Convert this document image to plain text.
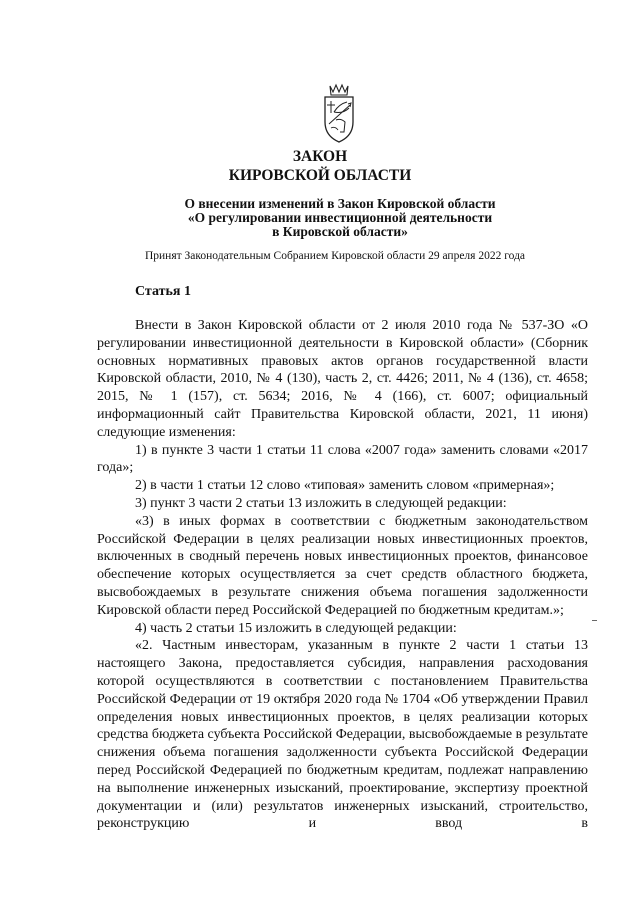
ЗАКОН
КИРОВСКОЙ ОБЛАСТИ
О внесении изменений в Закон Кировской области
«О регулировании инвестиционной деятельности
в Кировской области»
Принят Законодательным Собранием Кировской области 29 апреля 2022 года
Статья 1

Внести в Закон Кировской области от 2 июля 2010 года № 537-ЗО «О регулировании инвестиционной деятельности в Кировской области» (Сборник основных нормативных правовых актов органов государственной власти Кировской области, 2010, № 4 (130), часть 2, ст. 4426; 2011, № 4 (136), ст. 4658; 2015, № 1 (157), ст. 5634; 2016, № 4 (166), ст. 6007; официальный информационный сайт Правительства Кировской области, 2021, 11 июня) следующие изменения:

1) в пункте 3 части 1 статьи 11 слова «2007 года» заменить словами «2017 года»;

2) в части 1 статьи 12 слово «типовая» заменить словом «примерная»;

3) пункт 3 части 2 статьи 13 изложить в следующей редакции:

«3) в иных формах в соответствии с бюджетным законодательством Российской Федерации в целях реализации новых инвестиционных проектов, включенных в сводный перечень новых инвестиционных проектов, финансовое обеспечение которых осуществляется за счет средств областного бюджета, высвобождаемых в результате снижения объема погашения задолженности Кировской области перед Российской Федерацией по бюджетным кредитам.»;

4) часть 2 статьи 15 изложить в следующей редакции:

«2. Частным инвесторам, указанным в пункте 2 части 1 статьи 13 настоящего Закона, предоставляется субсидия, направления расходования которой осуществляются в соответствии с постановлением Правительства Российской Федерации от 19 октября 2020 года № 1704 «Об утверждении Правил определения новых инвестиционных проектов, в целях реализации которых средства бюджета субъекта Российской Федерации, высвобождаемые в результате снижения объема погашения задолженности субъекта Российской Федерации перед Российской Федерацией по бюджетным кредитам, подлежат направлению на выполнение инженерных изысканий, проектирование, экспертизу проектной документации и (или) результатов инженерных изысканий, строительство, реконструкцию и ввод в
